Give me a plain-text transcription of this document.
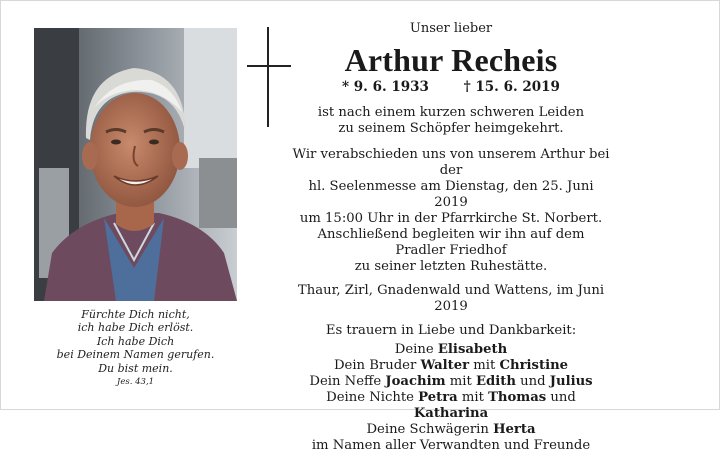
Fürchte Dich nicht,
ich habe Dich erlöst.
Ich habe Dich
bei Deinem Namen gerufen.
Du bist mein.
Jes. 43,1
Unser lieber
Arthur Recheis
* 9. 6. 1933	† 15. 6. 2019
ist nach einem kurzen schweren Leiden
zu seinem Schöpfer heimgekehrt.
Wir verabschieden uns von unserem Arthur bei der
hl. Seelenmesse am Dienstag, den 25. Juni 2019
um 15:00 Uhr in der Pfarrkirche St. Norbert.
Anschließend begleiten wir ihn auf dem Pradler Friedhof
zu seiner letzten Ruhestätte.
Thaur, Zirl, Gnadenwald und Wattens, im Juni 2019
Es trauern in Liebe und Dankbarkeit:
Deine Elisabeth
Dein Bruder Walter mit Christine
Dein Neffe Joachim mit Edith und Julius
Deine Nichte Petra mit Thomas und Katharina
Deine Schwägerin Herta
im Namen aller Verwandten und Freunde
